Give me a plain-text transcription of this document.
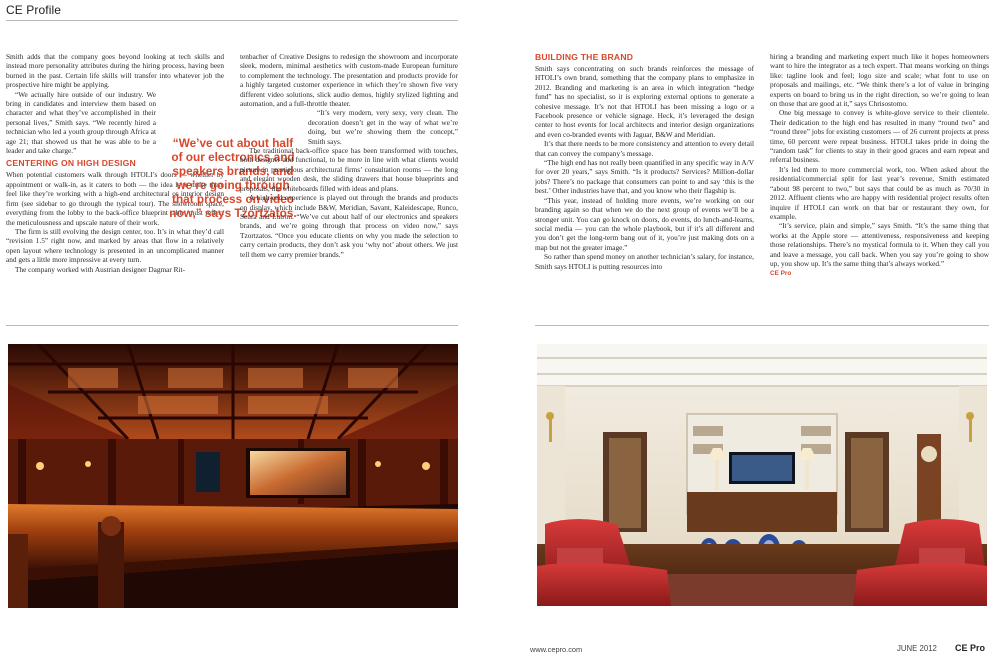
CE Profile

Smith adds that the company goes beyond looking at tech skills and instead more personality attributes during the hiring process, having been burned in the past. Certain life skills will transfer into whatever job the prospective hire might be applying.

“We actually hire outside of our industry. We bring in candidates and interview them based on character and what they’ve accomplished in their personal lives,” Smith says. “We recently hired a technician who led a youth group through Africa at age 21; that showed us that he was able to be a leader and take charge.”

CENTERING ON HIGH DESIGN

When potential customers walk through HTOLI’s doors — whether by appointment or walk-in, as it caters to both — the idea is to make them feel like they’re working with a high-end architectural or interior design firm (see sidebar to go through the typical tour). The showroom space, everything from the lobby to the back-office blueprint table, must reflect the meticulousness and upscale nature of their work.

The firm is still evolving the design center, too. It’s in what they’d call “revision 1.5” right now, and marked by areas that flow in a relatively open layout where technology is presented in an uncomplicated manner and gets a little more impressive at every turn.

The company worked with Austrian designer Dagmar Rit-

“We’ve cut about half of our electronics and speakers brands, and we’re going through that process on video now,” says Tzortzatos.

tenbacher of Creative Designs to redesign the showroom and incorporate sleek, modern, minimal aesthetics with custom-made European furniture to complement the technology. The presentation and products provide for a highly targeted customer experience in which they’re shown five very different video solutions, slick audio demos, highly stylized lighting and automation, and a full-throttle theater.

“It’s very modern, very sexy, very clean. The decoration doesn’t get in the way of what we’re doing, but we’re showing them the concept,” Smith says.

The traditional back-office space has been transformed with touches, both designer and functional, to be more in line with what clients would picture in prestigious architectural firms’ consultation rooms — the long and elegant wooden desk, the sliding drawers that house blueprints and proposals, the whiteboards filled with ideas and plans.

A high-end experience is played out through the brands and products on display, which include B&W, Meridian, Savant, Kaleidescape, Runco, Seura and Lutron. “We’ve cut about half of our electronics and speakers brands, and we’re going through that process on video now,” says Tzortzatos. “Once you educate clients on why you made the selection to carry certain products, they don’t ask you ‘why not’ about others. We just tell them we carry premier brands.”

BUILDING THE BRAND

Smith says concentrating on such brands reinforces the message of HTOLI’s own brand, something that the company plans to emphasize in 2012. Branding and marketing is an area in which integration “hedge fund” has no specialist, so it is exploring external options to generate a cohesive message. It’s not that HTOLI has been missing a logo or a Facebook presence or vehicle signage. Heck, it’s leveraged the design center to host events for local architects and interior design organizations and even co-branded events with Jaguar, B&W and Meridian.

It’s that there needs to be more consistency and attention to every detail that can convey the company’s message.

“The high end has not really been quantified in any specific way in A/V for over 20 years,” says Smith. “Is it products? Services? Million-dollar jobs? There’s no package that consumers can point to and say ‘this is the best.’ Other industries have that, and you know who their flagship is.

“This year, instead of holding more events, we’re working on our branding again so that when we do the next group of events we’ll be a stronger unit. You can go knock on doors, do events, do lunch-and-learns, social media — you can the whole playbook, but if it’s all different and you don’t get the long-term bang out of it, you’re just making dots on a map but not the greater image.”

So rather than spend money on another technician’s salary, for instance, Smith says HTOLI is putting resources into

hiring a branding and marketing expert much like it hopes homeowners want to hire the integrator as a tech expert. That means working on things like: tagline look and feel; logo size and scale; what font to use on proposals and mailings, etc. “We think there’s a lot of value in bringing experts on board to bring us in the right direction, so we’re going to lean on those that are good at it,” says Chrisostomo.

One big message to convey is white-glove service to their clientele. Their dedication to the high end has resulted in many “round two” and “round three” jobs for existing customers — of 26 current projects at press time, 60 percent were repeat business. HTOLI takes pride in doing the “random task” for clients to stay in their good graces and earn repeat and referral business.

It’s led them to more commercial work, too. When asked about the residential/commercial split for last year’s revenue, Smith estimated “about 98 percent to two,” but says that could be as much as 70/30 in 2012. Affluent clients who are happy with residential project results often inquire if HTOLI can work on that bar or restaurant they own, for example.

“It’s service, plain and simple,” says Smith. “It’s the same thing that works at the Apple store — attentiveness, responsiveness and keeping those relationships. There’s no mystical formula to it. When they call you and leave a message, you call back. When you say you’re going to show up, you show up. It’s the same thing that’s always worked.”

CE Pro
www.cepro.com	JUNE 2012 CE Pro
